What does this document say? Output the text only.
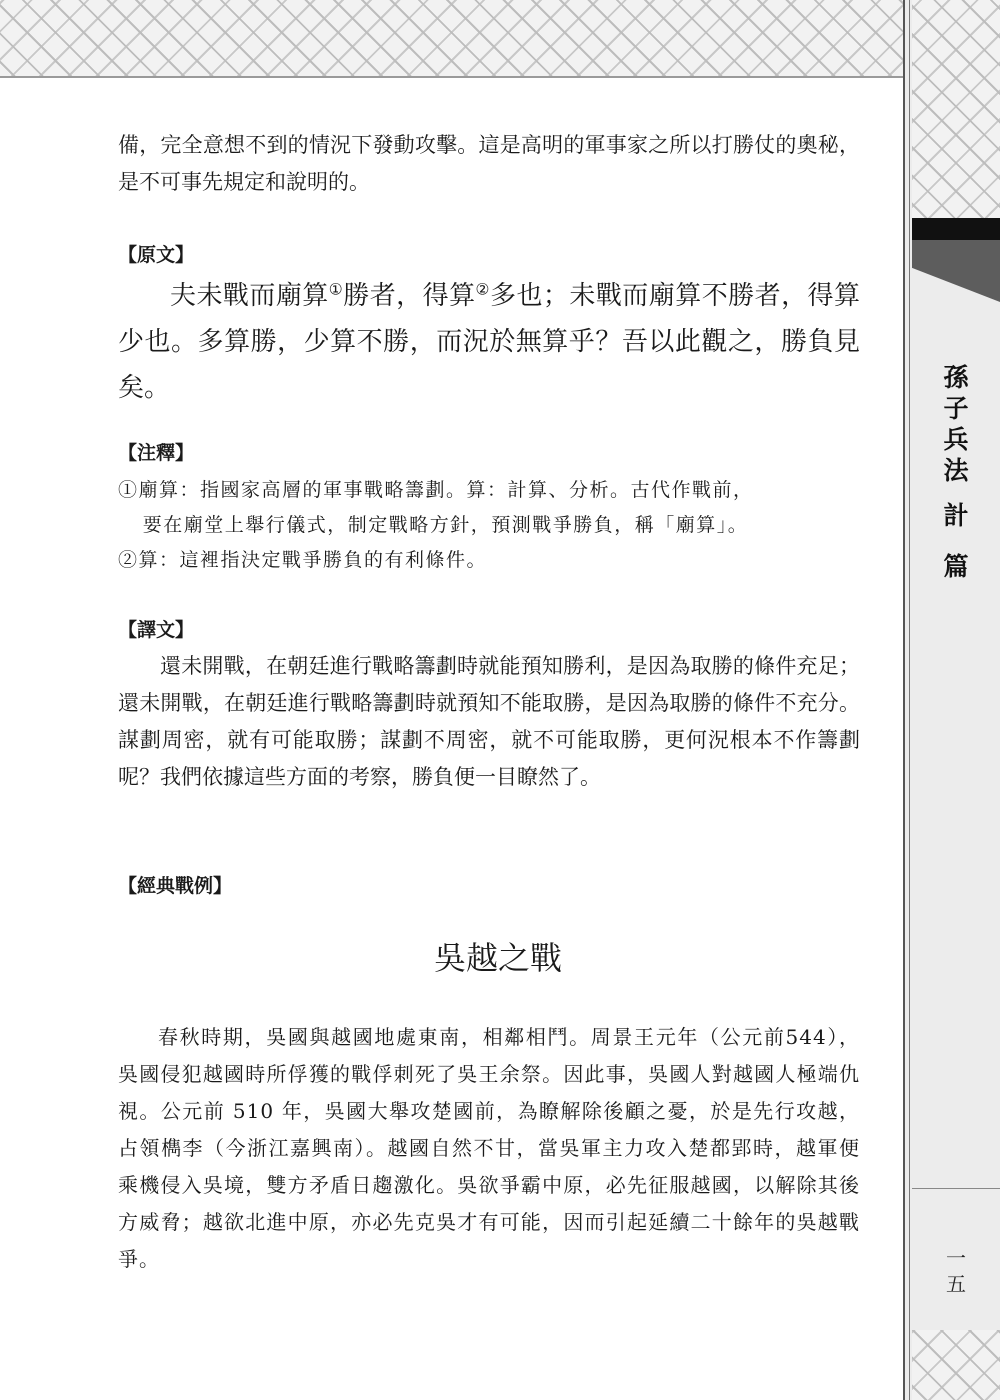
孫
子
兵
法
計
篇
一
五
備，完全意想不到的情況下發動攻擊。這是高明的軍事家之所以打勝仗的奧秘，是不可事先規定和說明的。
【原文】
夫未戰而廟算①勝者，得算②多也；未戰而廟算不勝者，得算少也。多算勝，少算不勝，而況於無算乎？吾以此觀之，勝負見矣。
【注釋】
①廟算：指國家高層的軍事戰略籌劃。算：計算、分析。古代作戰前，
要在廟堂上舉行儀式，制定戰略方針，預測戰爭勝負，稱「廟算」。
②算：這裡指決定戰爭勝負的有利條件。
【譯文】
還未開戰，在朝廷進行戰略籌劃時就能預知勝利，是因為取勝的條件充足；還未開戰，在朝廷進行戰略籌劃時就預知不能取勝，是因為取勝的條件不充分。謀劃周密，就有可能取勝；謀劃不周密，就不可能取勝，更何況根本不作籌劃呢？我們依據這些方面的考察，勝負便一目瞭然了。
【經典戰例】
吳越之戰
春秋時期，吳國與越國地處東南，相鄰相鬥。周景王元年（公元前544），吳國侵犯越國時所俘獲的戰俘刺死了吳王余祭。因此事，吳國人對越國人極端仇視。公元前 510 年，吳國大舉攻楚國前，為瞭解除後顧之憂，於是先行攻越，占領檇李（今浙江嘉興南）。越國自然不甘，當吳軍主力攻入楚都郢時，越軍便乘機侵入吳境，雙方矛盾日趨激化。吳欲爭霸中原，必先征服越國，以解除其後方威脅；越欲北進中原，亦必先克吳才有可能，因而引起延續二十餘年的吳越戰爭。
